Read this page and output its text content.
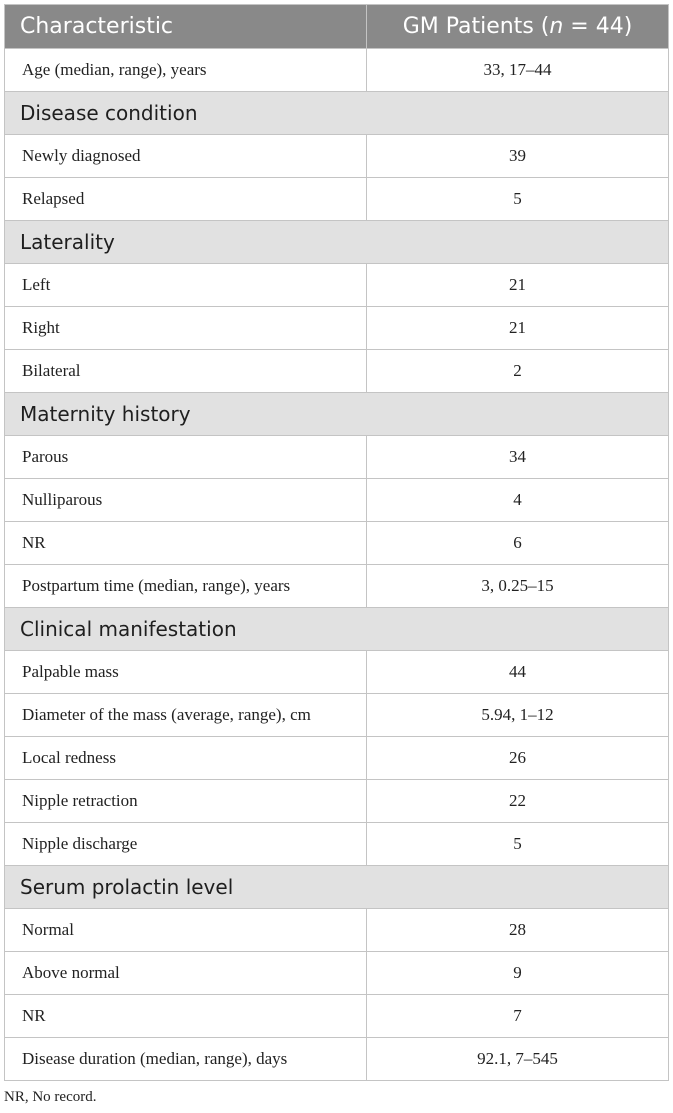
Characteristic	GM Patients (n = 44)
Age (median, range), years	33, 17–44
Disease condition	
Newly diagnosed	39
Relapsed	5
Laterality	
Left	21
Right	21
Bilateral	2
Maternity history	
Parous	34
Nulliparous	4
NR	6
Postpartum time (median, range), years	3, 0.25–15
Clinical manifestation	
Palpable mass	44
Diameter of the mass (average, range), cm	5.94, 1–12
Local redness	26
Nipple retraction	22
Nipple discharge	5
Serum prolactin level	
Normal	28
Above normal	9
NR	7
Disease duration (median, range), days	92.1, 7–545
NR, No record.
